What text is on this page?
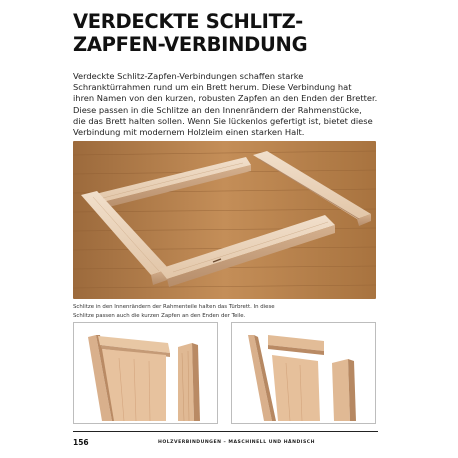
VERDECKTE SCHLITZ-
ZAPFEN-VERBINDUNG
Verdeckte Schlitz-Zapfen-Verbindungen schaffen starke
Schranktürrahmen rund um ein Brett herum. Diese Verbindung hat
ihren Namen von den kurzen, robusten Zapfen an den Enden der Bretter.
Diese passen in die Schlitze an den Innenrändern der Rahmenstücke,
die das Brett halten sollen. Wenn Sie lückenlos gefertigt ist, bietet diese
Verbindung mit modernem Holzleim einen starken Halt.
Schlitze in den Innenrändern der Rahmenteile halten das Türbrett. In diese
Schlitze passen auch die kurzen Zapfen an den Enden der Teile.
156	HOLZVERBINDUNGEN – MASCHINELL UND HÄNDISCH
